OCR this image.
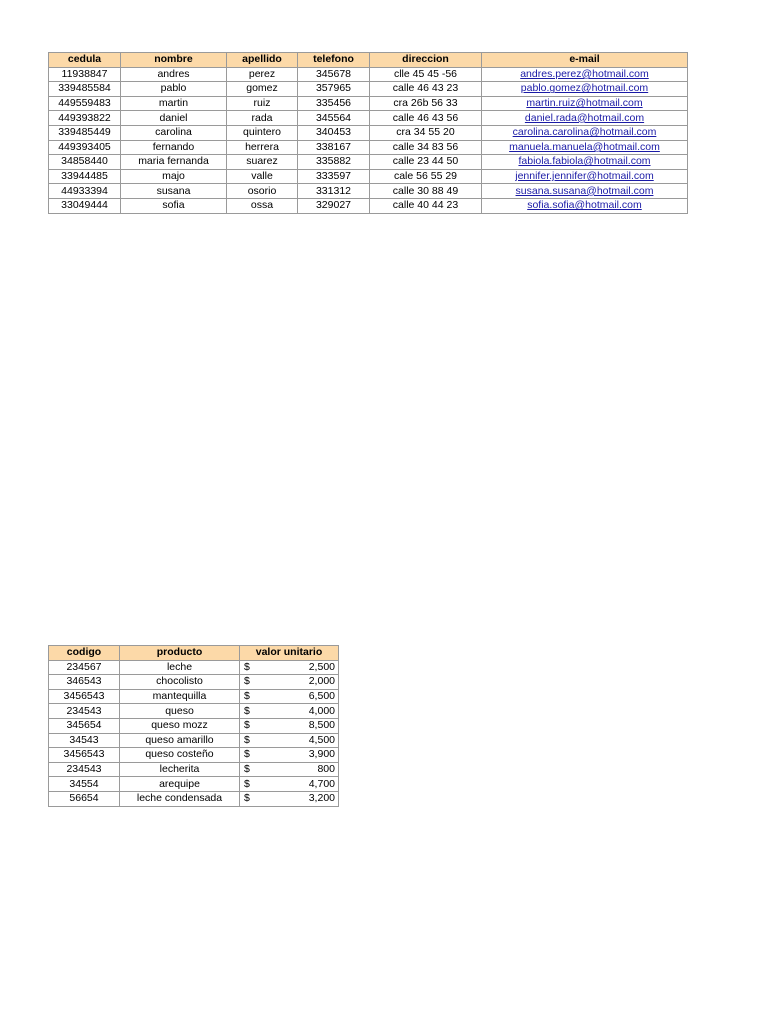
cedula	nombre	apellido	telefono	direccion	e-mail
11938847	andres	perez	345678	clle 45 45 -56	andres.perez@hotmail.com
339485584	pablo	gomez	357965	calle 46 43 23	pablo.gomez@hotmail.com
449559483	martin	ruiz	335456	cra 26b 56 33	martin.ruiz@hotmail.com
449393822	daniel	rada	345564	calle 46 43 56	daniel.rada@hotmail.com
339485449	carolina	quintero	340453	cra 34 55 20	carolina.carolina@hotmail.com
449393405	fernando	herrera	338167	calle 34 83 56	manuela.manuela@hotmail.com
34858440	maria fernanda	suarez	335882	calle 23 44 50	fabiola.fabiola@hotmail.com
33944485	majo	valle	333597	cale 56 55 29	jennifer.jennifer@hotmail.com
44933394	susana	osorio	331312	calle 30 88 49	susana.susana@hotmail.com
33049444	sofia	ossa	329027	calle 40 44 23	sofia.sofia@hotmail.com
codigo	producto	valor unitario
234567	leche	$ 2,500

346543	chocolisto	$ 2,000

3456543	mantequilla	$ 6,500

234543	queso	$ 4,000

345654	queso mozz	$ 8,500

34543	queso amarillo	$ 4,500

3456543	queso costeño	$ 3,900

234543	lecherita	$ 800

34554	arequipe	$ 4,700

56654	leche condensada	$ 3,200
